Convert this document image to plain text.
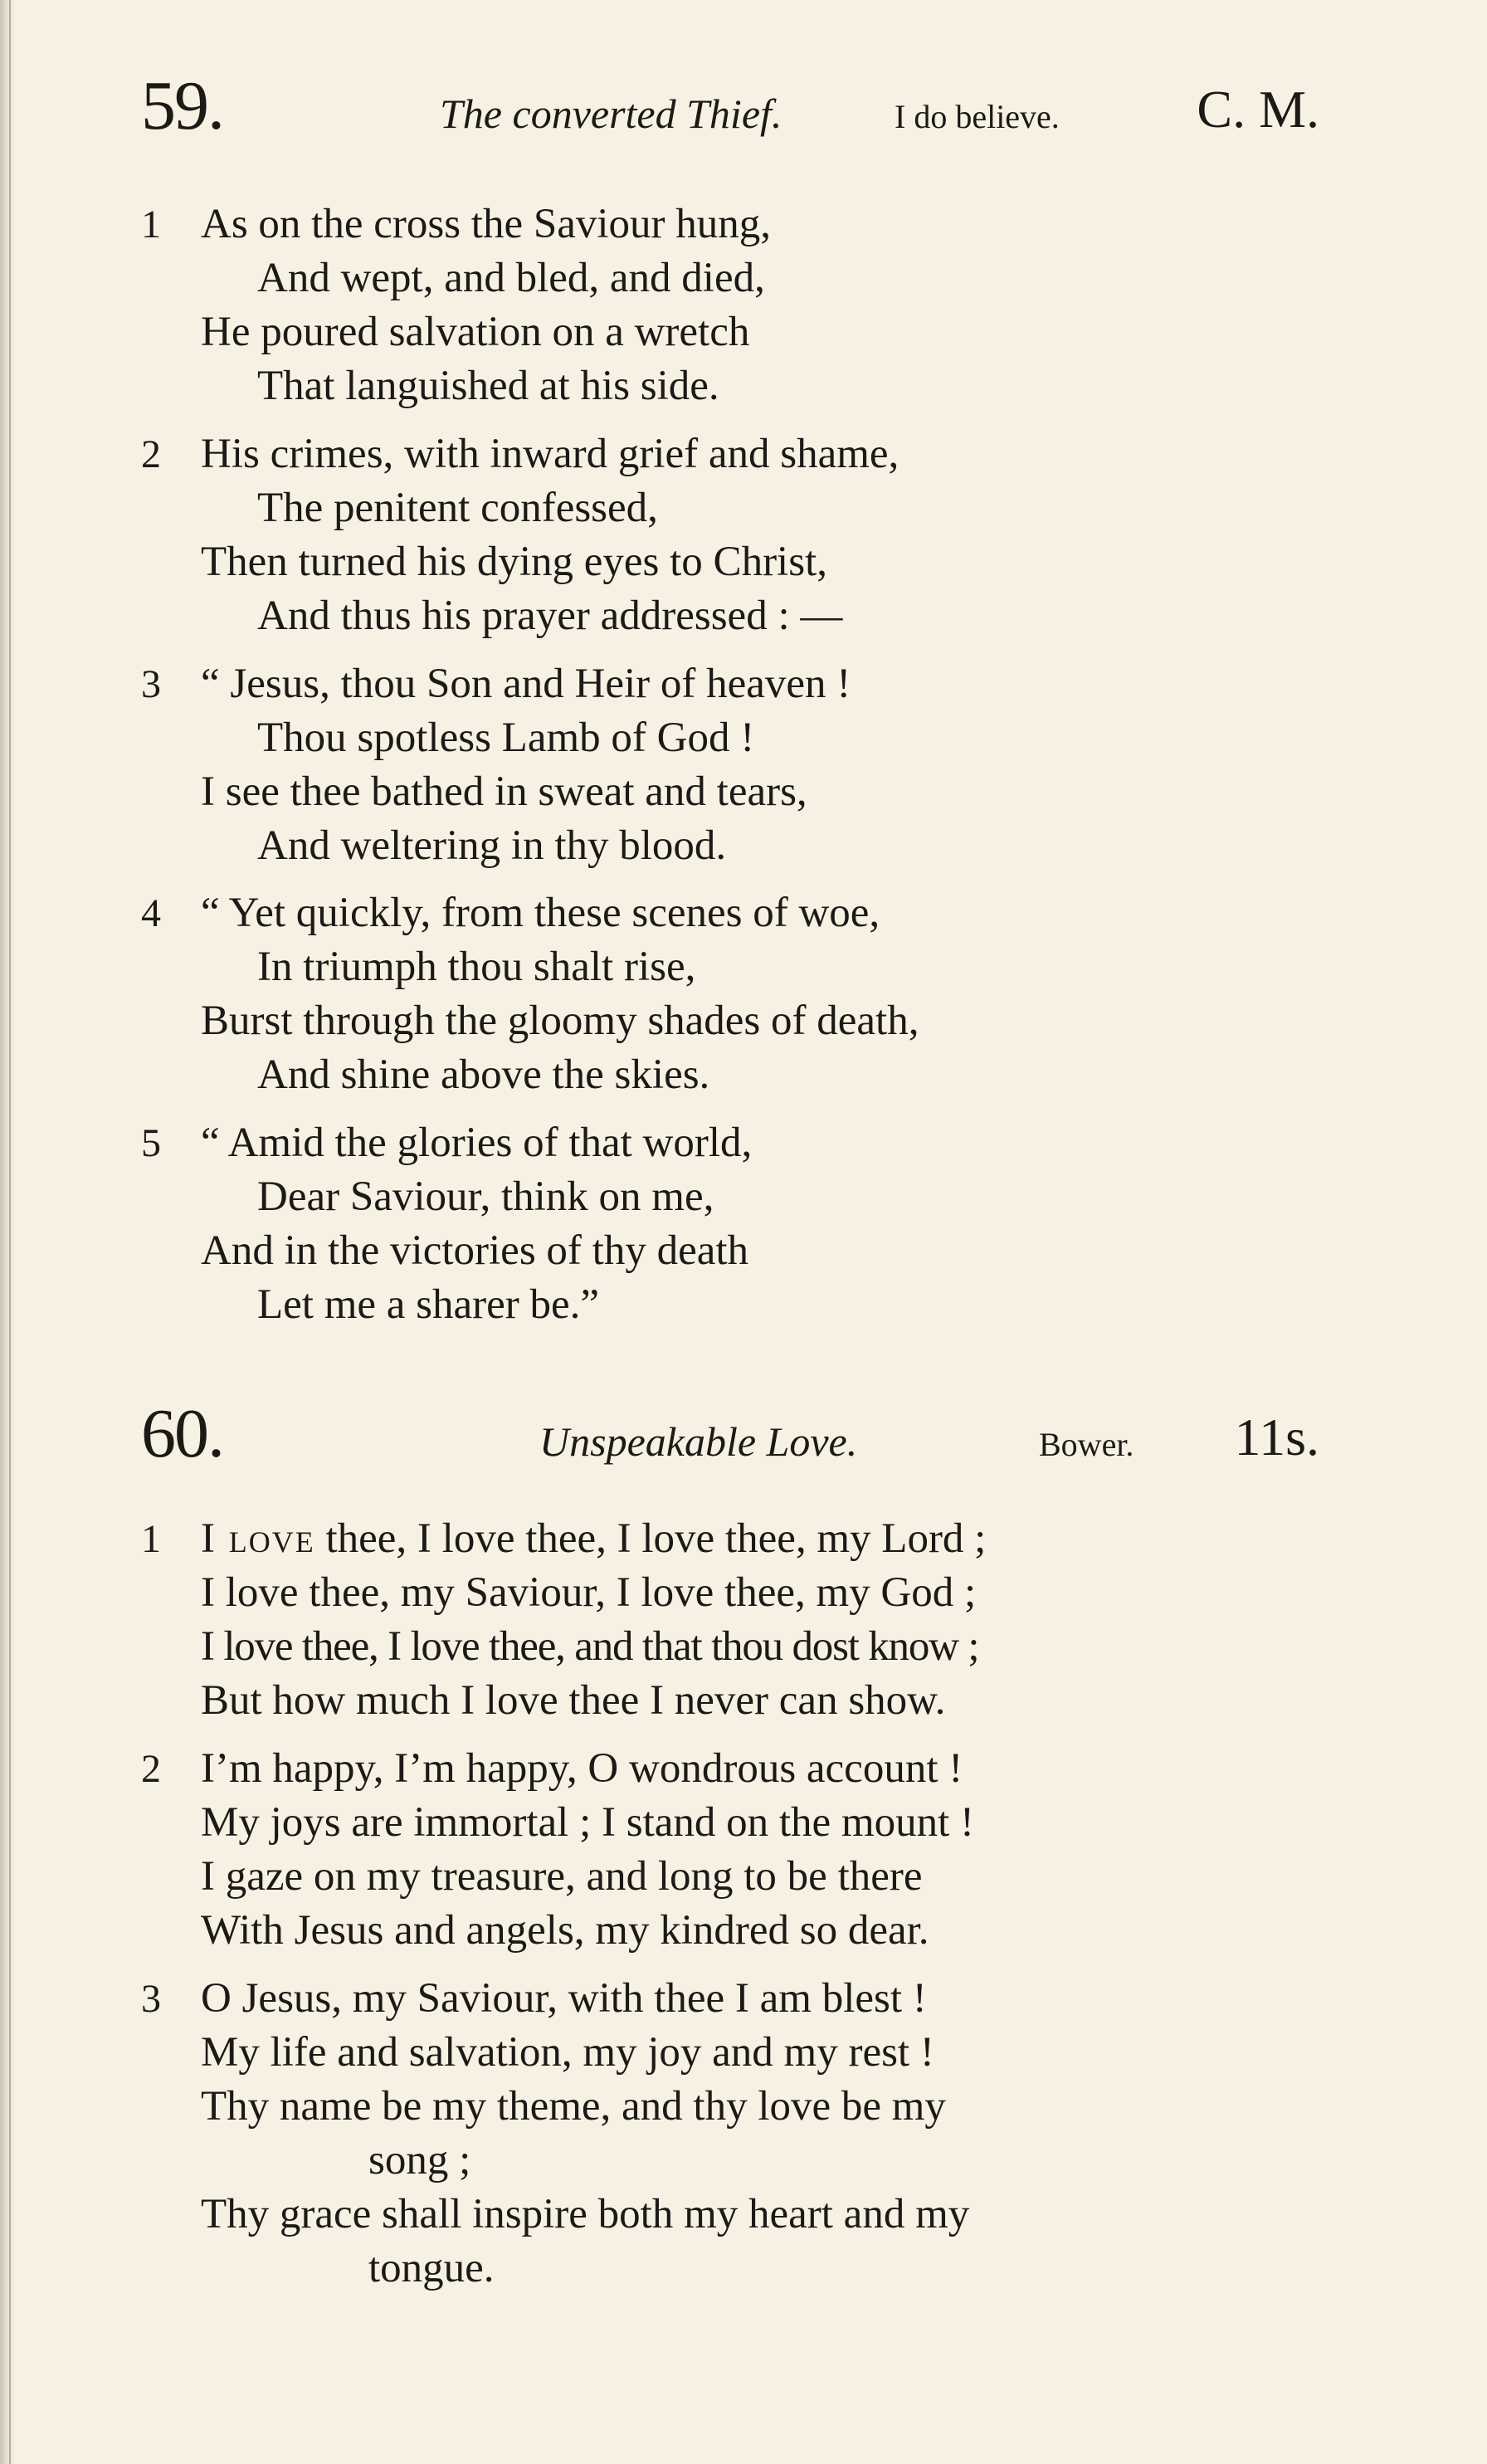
59.	The converted Thief.	I do believe.	C. M.
1 As on the cross the Saviour hung,
And wept, and bled, and died,
He poured salvation on a wretch
That languished at his side.
2 His crimes, with inward grief and shame,
The penitent confessed,
Then turned his dying eyes to Christ,
And thus his prayer addressed : —
3 “ Jesus, thou Son and Heir of heaven !
Thou spotless Lamb of God !
I see thee bathed in sweat and tears,
And weltering in thy blood.
4 “ Yet quickly, from these scenes of woe,
In triumph thou shalt rise,
Burst through the gloomy shades of death,
And shine above the skies.
5 “ Amid the glories of that world,
Dear Saviour, think on me,
And in the victories of thy death
Let me a sharer be.”
60.	Unspeakable Love.	Bower. 11s.
1 I love thee, I love thee, I love thee, my Lord ;
I love thee, my Saviour, I love thee, my God ;
I love thee, I love thee, and that thou dost know ;
But how much I love thee I never can show.
2 I’m happy, I’m happy, O wondrous account !
My joys are immortal ; I stand on the mount !
I gaze on my treasure, and long to be there
With Jesus and angels, my kindred so dear.
3 O Jesus, my Saviour, with thee I am blest !
My life and salvation, my joy and my rest !
Thy name be my theme, and thy love be my
song ;
Thy grace shall inspire both my heart and my
tongue.
